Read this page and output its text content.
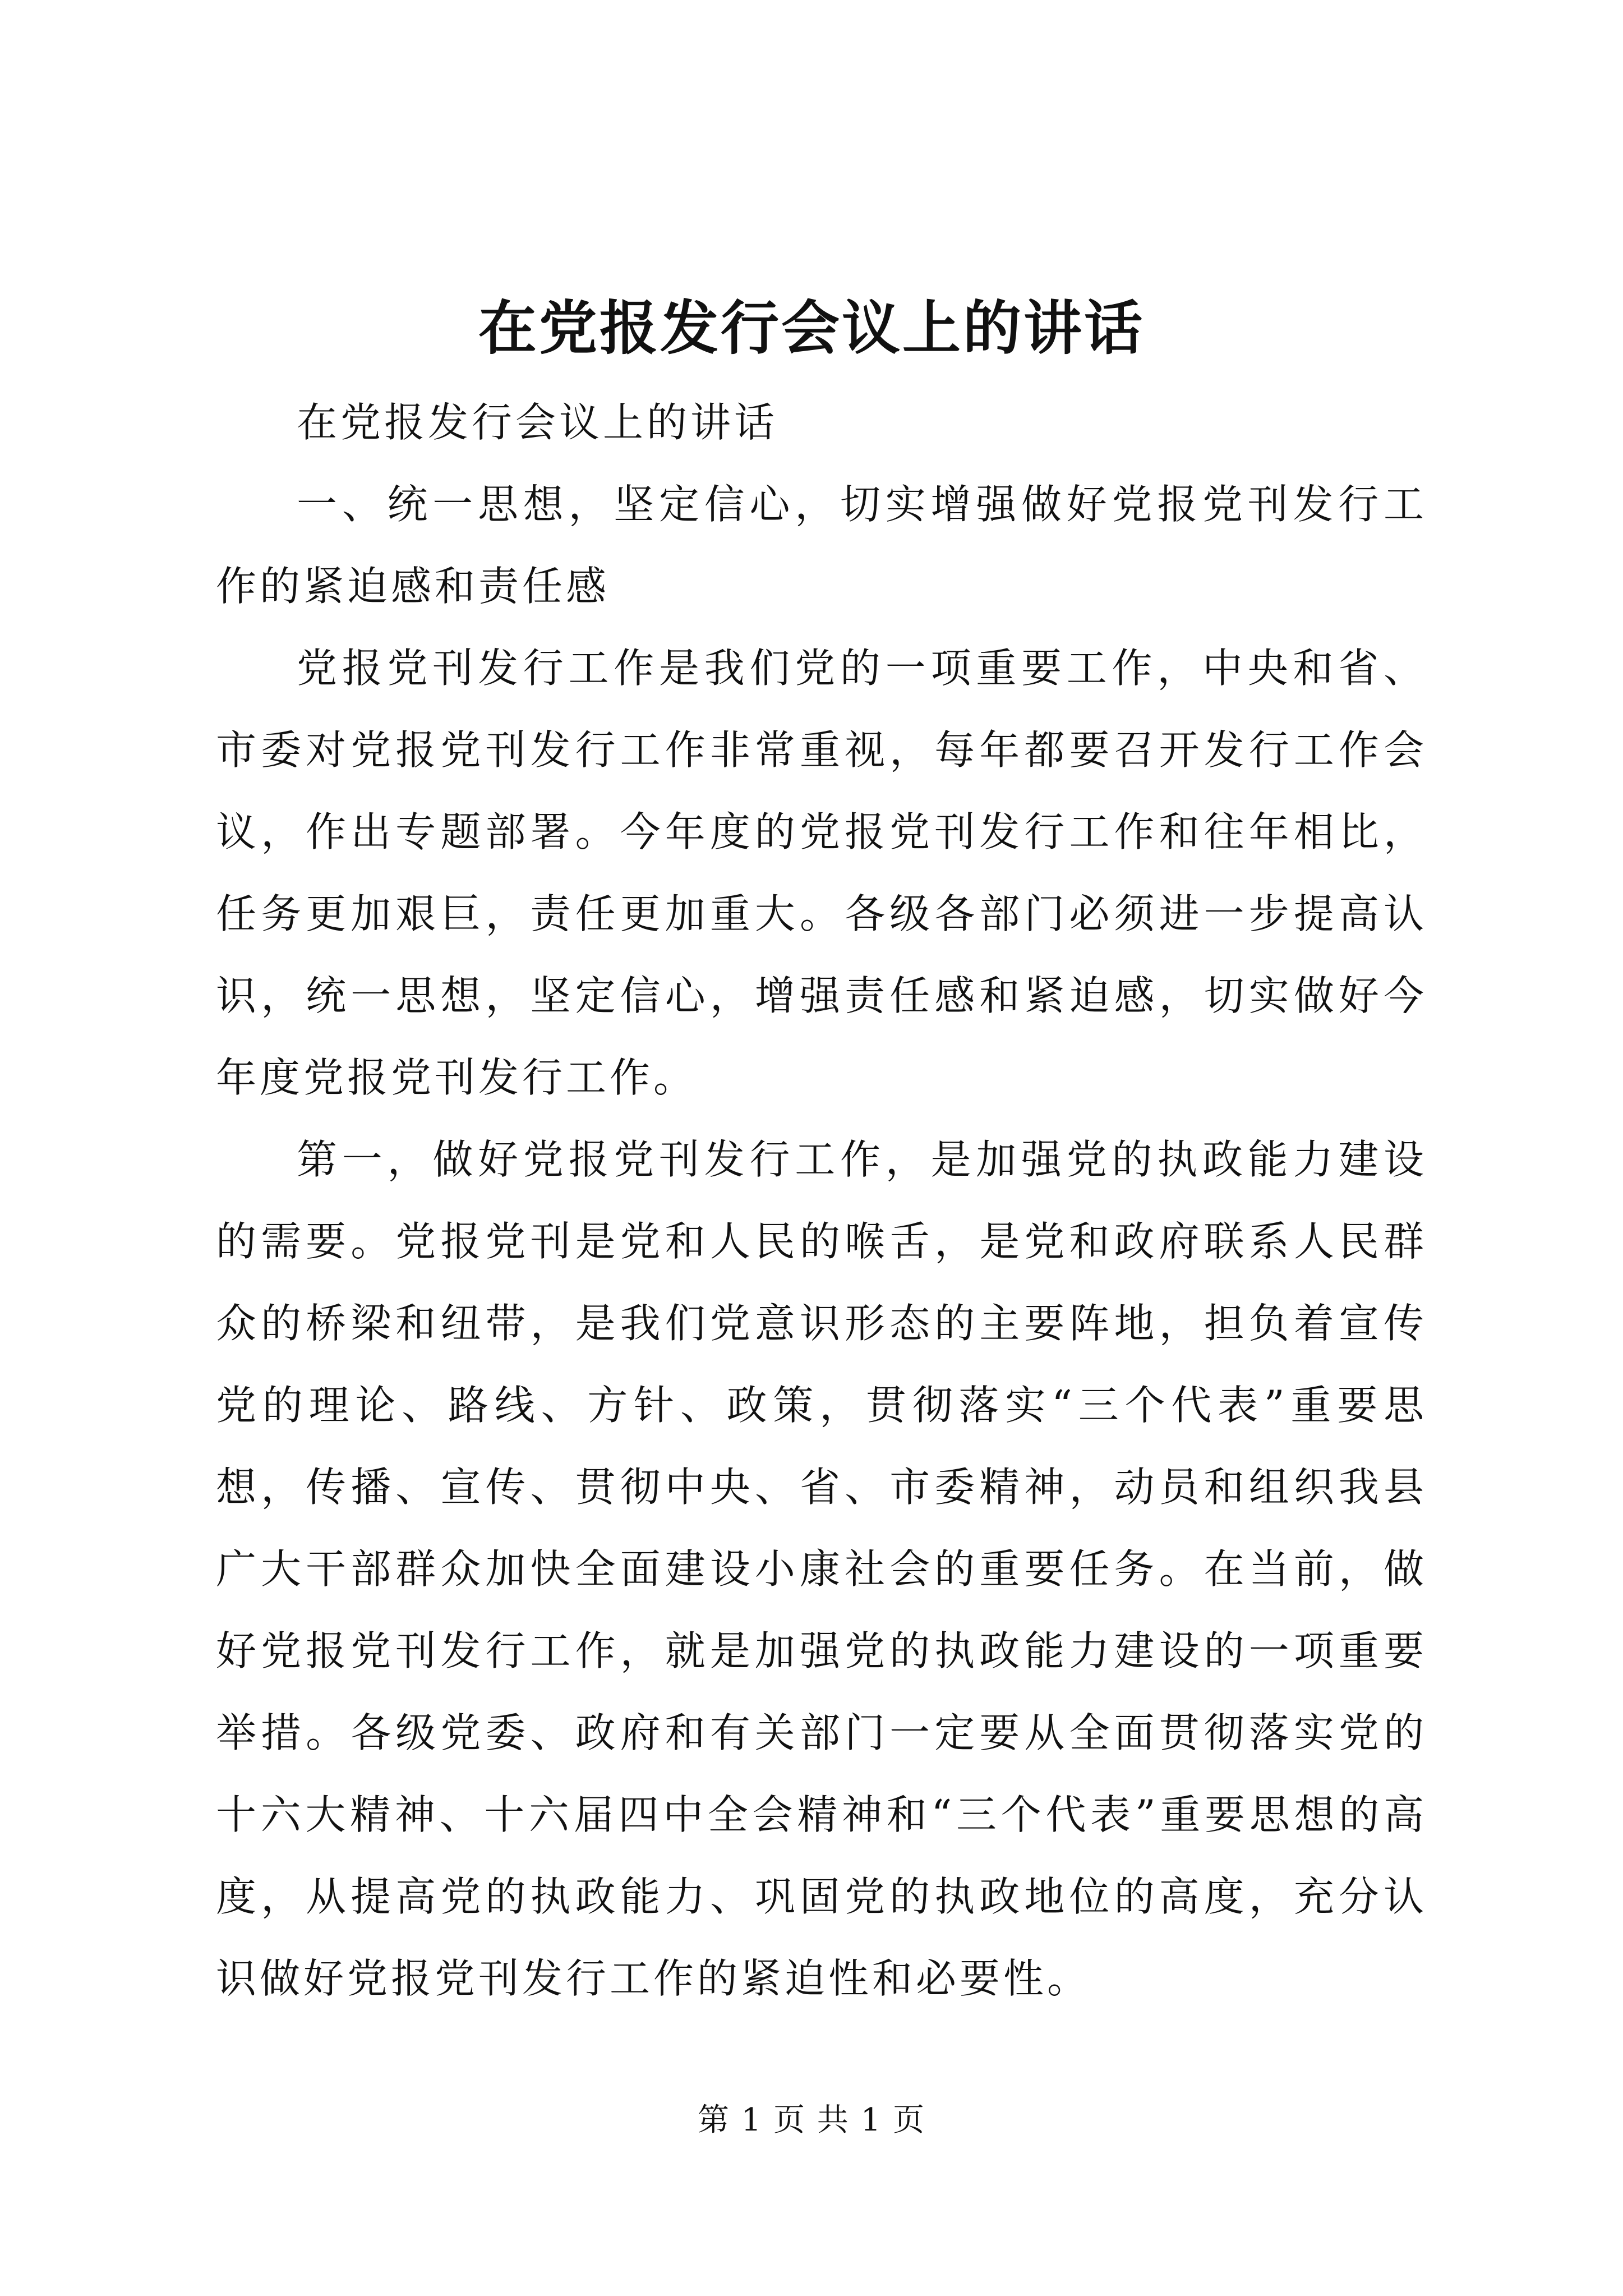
在党报发行会议上的讲话

在党报发行会议上的讲话

一、统一思想，坚定信心，切实增强做好党报党刊发行工作的紧迫感和责任感

党报党刊发行工作是我们党的一项重要工作，中央和省、市委对党报党刊发行工作非常重视，每年都要召开发行工作会议，作出专题部署。今年度的党报党刊发行工作和往年相比，任务更加艰巨，责任更加重大。各级各部门必须进一步提高认识，统一思想，坚定信心，增强责任感和紧迫感，切实做好今年度党报党刊发行工作。

第一，做好党报党刊发行工作，是加强党的执政能力建设的需要。党报党刊是党和人民的喉舌，是党和政府联系人民群众的桥梁和纽带，是我们党意识形态的主要阵地，担负着宣传党的理论、路线、方针、政策，贯彻落实“三个代表”重要思想，传播、宣传、贯彻中央、省、市委精神，动员和组织我县广大干部群众加快全面建设小康社会的重要任务。在当前，做好党报党刊发行工作，就是加强党的执政能力建设的一项重要举措。各级党委、政府和有关部门一定要从全面贯彻落实党的十六大精神、十六届四中全会精神和“三个代表”重要思想的高度，从提高党的执政能力、巩固党的执政地位的高度，充分认识做好党报党刊发行工作的紧迫性和必要性。

第 1 页 共 1 页
